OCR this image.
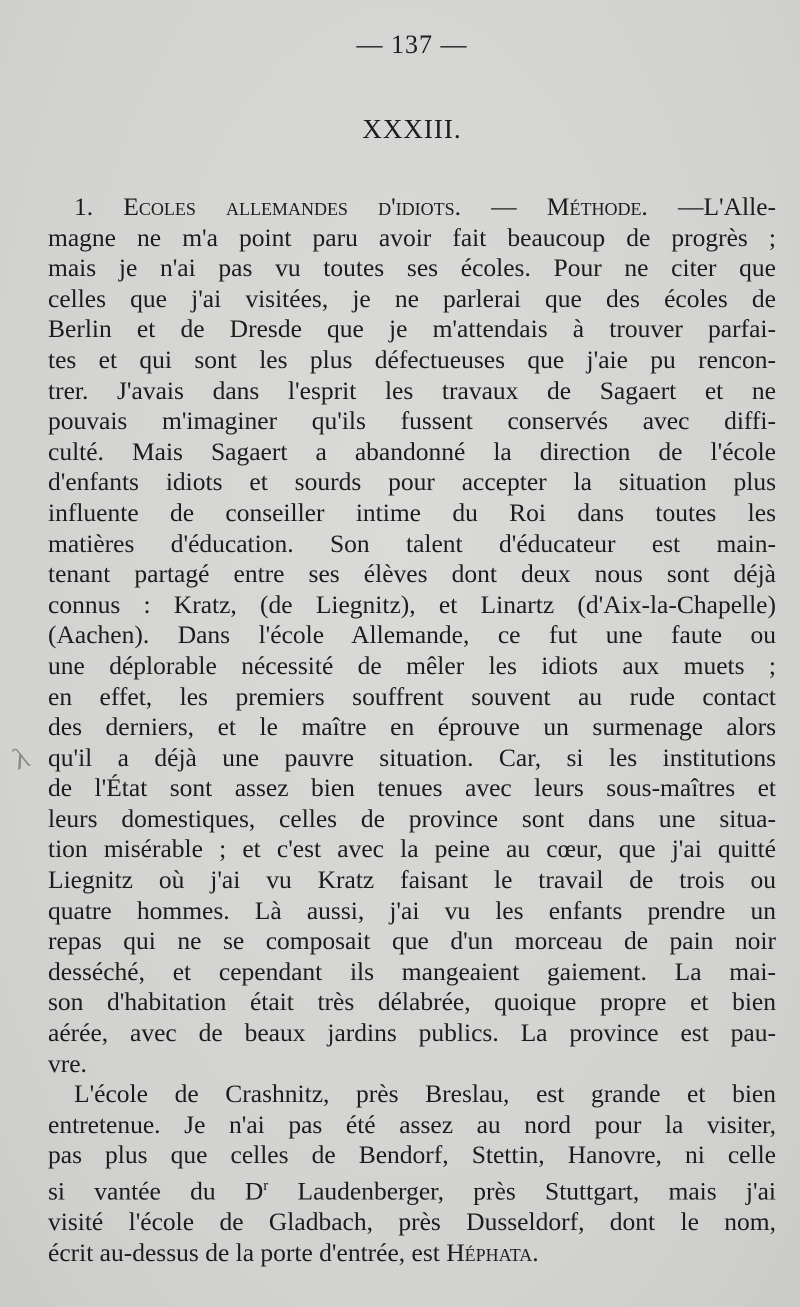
— 137 —
XXXIII.
1. Ecoles allemandes d'idiots. — Méthode. —L'Alle-
magne ne m'a point paru avoir fait beaucoup de progrès ;
mais je n'ai pas vu toutes ses écoles. Pour ne citer que
celles que j'ai visitées, je ne parlerai que des écoles de
Berlin et de Dresde que je m'attendais à trouver parfai-
tes et qui sont les plus défectueuses que j'aie pu rencon-
trer. J'avais dans l'esprit les travaux de Sagaert et ne
pouvais m'imaginer qu'ils fussent conservés avec diffi-
culté. Mais Sagaert a abandonné la direction de l'école
d'enfants idiots et sourds pour accepter la situation plus
influente de conseiller intime du Roi dans toutes les
matières d'éducation. Son talent d'éducateur est main-
tenant partagé entre ses élèves dont deux nous sont déjà
connus : Kratz, (de Liegnitz), et Linartz (d'Aix-la-Chapelle)
(Aachen). Dans l'école Allemande, ce fut une faute ou
une déplorable nécessité de mêler les idiots aux muets ;
en effet, les premiers souffrent souvent au rude contact
des derniers, et le maître en éprouve un surmenage alors
qu'il a déjà une pauvre situation. Car, si les institutions
de l'État sont assez bien tenues avec leurs sous-maîtres et
leurs domestiques, celles de province sont dans une situa-
tion misérable ; et c'est avec la peine au cœur, que j'ai quitté
Liegnitz où j'ai vu Kratz faisant le travail de trois ou
quatre hommes. Là aussi, j'ai vu les enfants prendre un
repas qui ne se composait que d'un morceau de pain noir
desséché, et cependant ils mangeaient gaiement. La mai-
son d'habitation était très délabrée, quoique propre et bien
aérée, avec de beaux jardins publics. La province est pau-
vre.
L'école de Crashnitz, près Breslau, est grande et bien
entretenue. Je n'ai pas été assez au nord pour la visiter,
pas plus que celles de Bendorf, Stettin, Hanovre, ni celle
si vantée du $D^r$ Laudenberger, près Stuttgart, mais j'ai
visité l'école de Gladbach, près Dusseldorf, dont le nom,
écrit au-dessus de la porte d'entrée, est Héphata.
λ
